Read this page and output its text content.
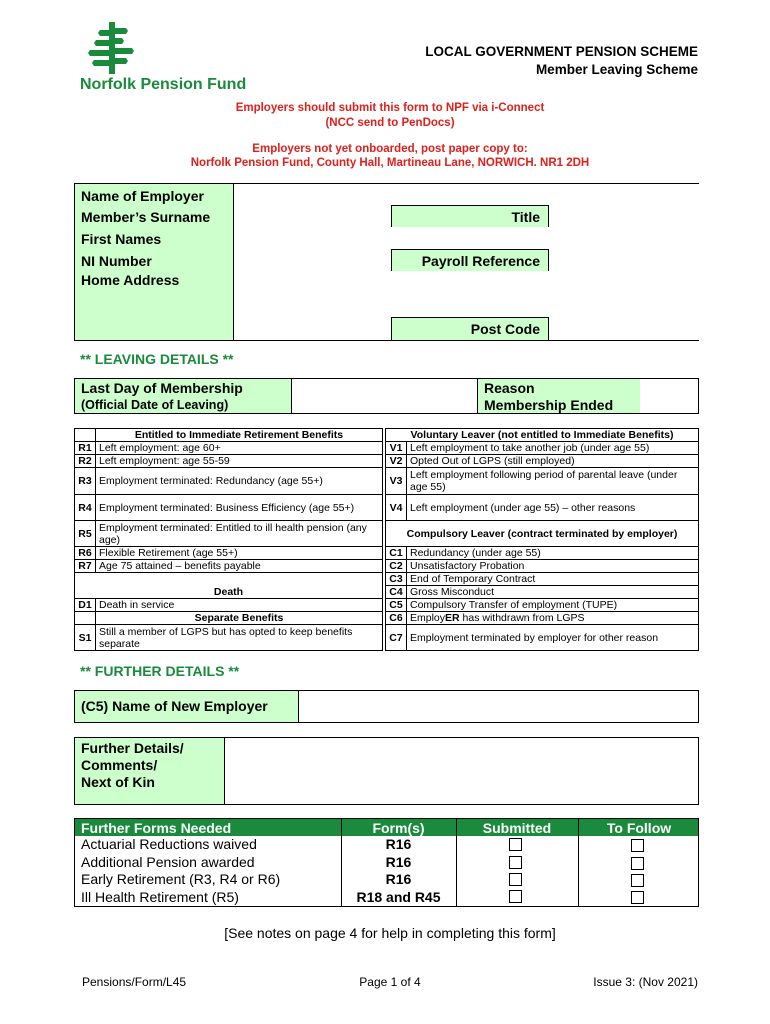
Norfolk Pension Fund
LOCAL GOVERNMENT PENSION SCHEME
Member Leaving Scheme
Employers should submit this form to NPF via i-Connect
(NCC send to PenDocs)
Employers not yet onboarded, post paper copy to:
Norfolk Pension Fund, County Hall, Martineau Lane, NORWICH. NR1 2DH
Name of Employer
Member’s Surname
First Names
NI Number
Home Address
Title
Payroll Reference
Post Code
** LEAVING DETAILS **
Last Day of Membership
(Official Date of Leaving)
Reason
Membership Ended
	Entitled to Immediate Retirement Benefits
R1	Left employment: age 60+
R2	Left employment: age 55-59
R3	Employment terminated: Redundancy (age 55+)
R4	Employment terminated: Business Efficiency (age 55+)
R5	Employment terminated: Entitled to ill health pension (any age)
R6	Flexible Retirement (age 55+)
R7	Age 75 attained – benefits payable
Death	
D1	Death in service
	Separate Benefits
S1	Still a member of LGPS but has opted to keep benefits separate
Voluntary Leaver (not entitled to Immediate Benefits)	
V1	Left employment to take another job (under age 55)
V2	Opted Out of LGPS (still employed)
V3	Left employment following period of parental leave (under age 55)
V4	Left employment (under age 55) – other reasons
Compulsory Leaver (contract terminated by employer)	
C1	Redundancy (under age 55)
C2	Unsatisfactory Probation
C3	End of Temporary Contract
C4	Gross Misconduct
C5	Compulsory Transfer of employment (TUPE)
C6	EmployER has withdrawn from LGPS
C7	Employment terminated by employer for other reason
** FURTHER DETAILS **
(C5) Name of New Employer
Further Details/
Comments/
Next of Kin
Further Forms Needed	Form(s)	Submitted	To Follow
Actuarial Reductions waived	R16
Additional Pension awarded	R16
Early Retirement (R3, R4 or R6)	R16
Ill Health Retirement (R5)	R18 and R45
[See notes on page 4 for help in completing this form]
Pensions/Form/L45	Page 1 of 4	Issue 3: (Nov 2021)
